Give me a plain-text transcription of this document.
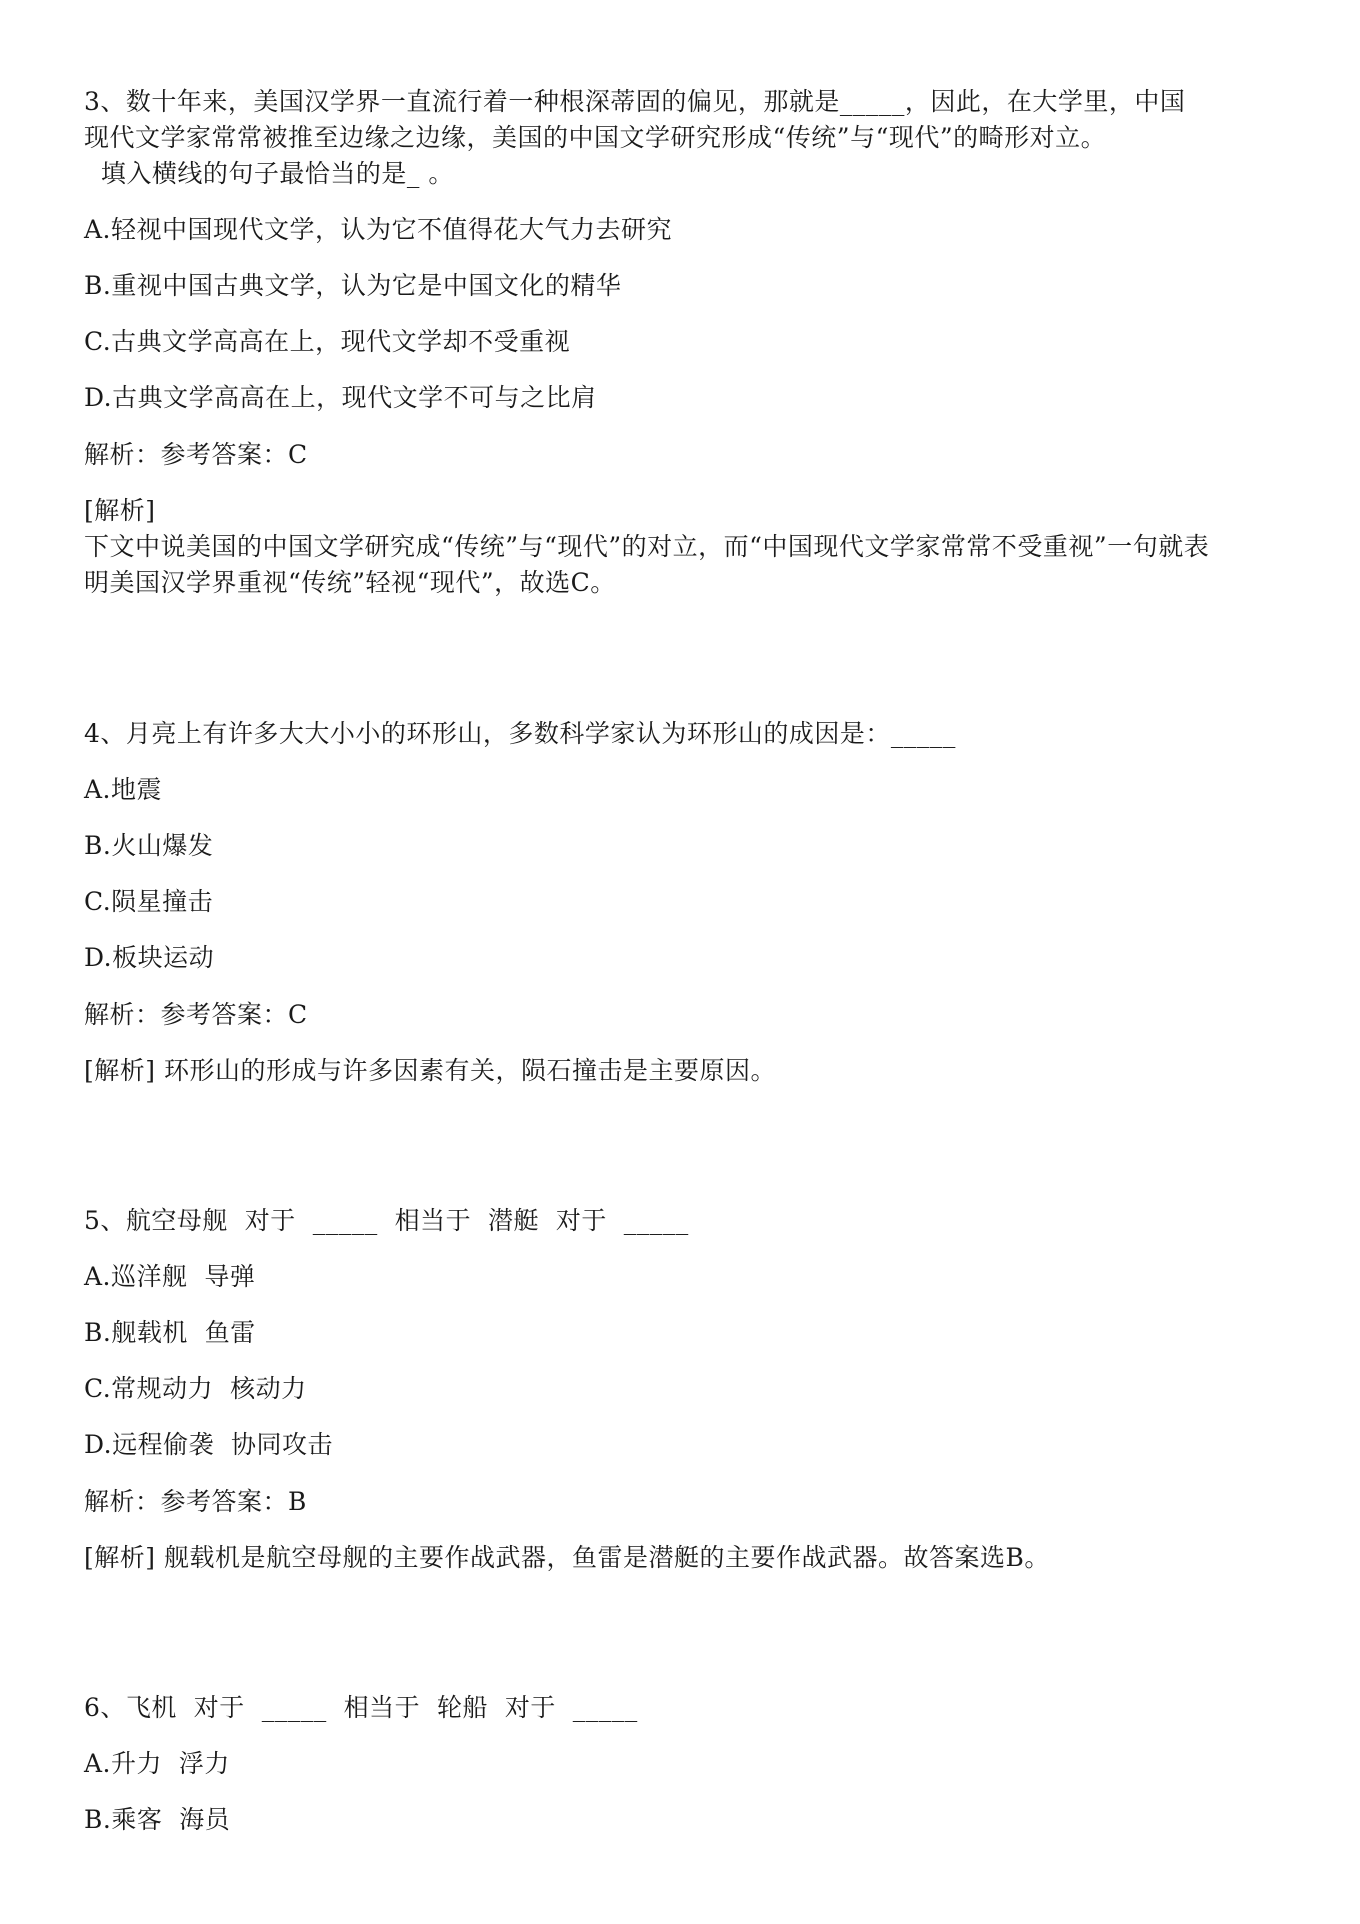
3、数十年来，美国汉学界一直流行着一种根深蒂固的偏见，那就是_____，因此，在大学里，中国
现代文学家常常被推至边缘之边缘，美国的中国文学研究形成“传统”与“现代”的畸形对立。
填入横线的句子最恰当的是_ 。
A.轻视中国现代文学，认为它不值得花大气力去研究
B.重视中国古典文学，认为它是中国文化的精华
C.古典文学高高在上，现代文学却不受重视
D.古典文学高高在上，现代文学不可与之比肩
解析：参考答案：C
[解析]
下文中说美国的中国文学研究成“传统”与“现代”的对立，而“中国现代文学家常常不受重视”一句就表
明美国汉学界重视“传统”轻视“现代”，故选C。
4、月亮上有许多大大小小的环形山，多数科学家认为环形山的成因是：_____
A.地震
B.火山爆发
C.陨星撞击
D.板块运动
解析：参考答案：C
[解析] 环形山的形成与许多因素有关，陨石撞击是主要原因。
5、航空母舰  对于  _____  相当于  潜艇  对于  _____
A.巡洋舰  导弹
B.舰载机  鱼雷
C.常规动力  核动力
D.远程偷袭  协同攻击
解析：参考答案：B
[解析] 舰载机是航空母舰的主要作战武器，鱼雷是潜艇的主要作战武器。故答案选B。
6、飞机  对于  _____  相当于  轮船  对于  _____
A.升力  浮力
B.乘客  海员
